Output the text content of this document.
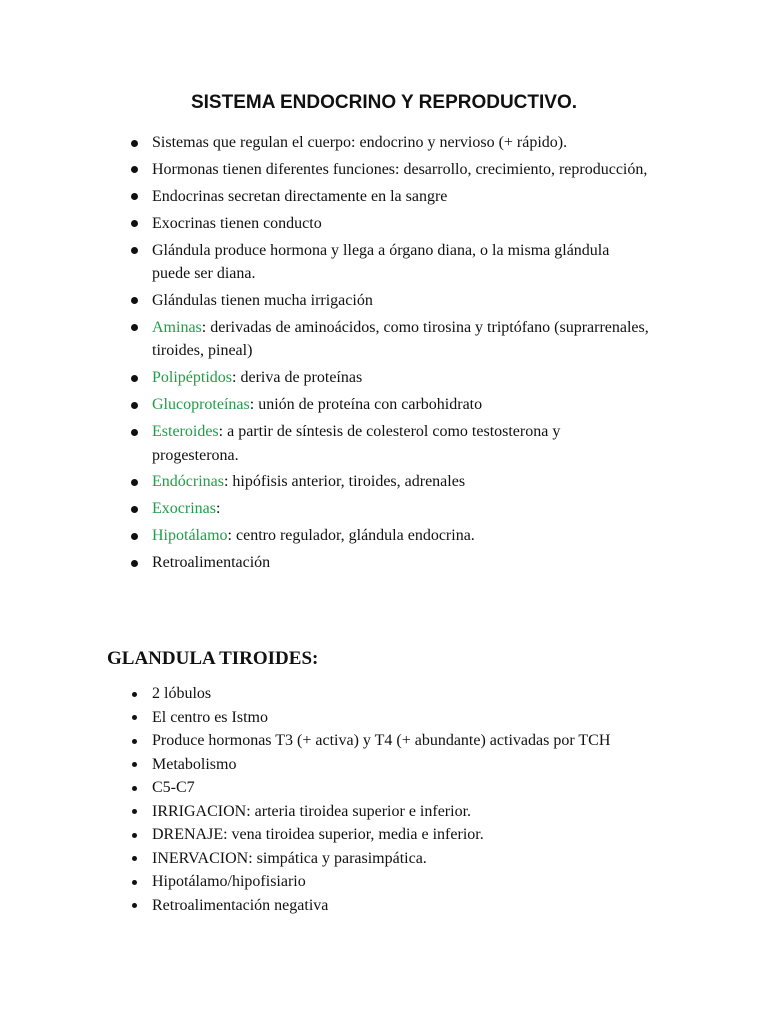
SISTEMA ENDOCRINO Y REPRODUCTIVO.
Sistemas que regulan el cuerpo: endocrino y nervioso (+ rápido).
Hormonas tienen diferentes funciones: desarrollo, crecimiento, reproducción,
Endocrinas secretan directamente en la sangre
Exocrinas tienen conducto
Glándula produce hormona y llega a órgano diana, o la misma glándula puede ser diana.
Glándulas tienen mucha irrigación
Aminas: derivadas de aminoácidos, como tirosina y triptófano (suprarrenales, tiroides, pineal)
Polipéptidos: deriva de proteínas
Glucoproteínas: unión de proteína con carbohidrato
Esteroides: a partir de síntesis de colesterol como testosterona y progesterona.
Endócrinas: hipófisis anterior, tiroides, adrenales
Exocrinas:
Hipotálamo: centro regulador, glándula endocrina.
Retroalimentación
GLANDULA TIROIDES:
2 lóbulos
El centro es Istmo
Produce hormonas T3 (+ activa) y T4 (+ abundante) activadas por TCH
Metabolismo
C5-C7
IRRIGACION: arteria tiroidea superior e inferior.
DRENAJE: vena tiroidea superior, media e inferior.
INERVACION: simpática y parasimpática.
Hipotálamo/hipofisiario
Retroalimentación negativa
